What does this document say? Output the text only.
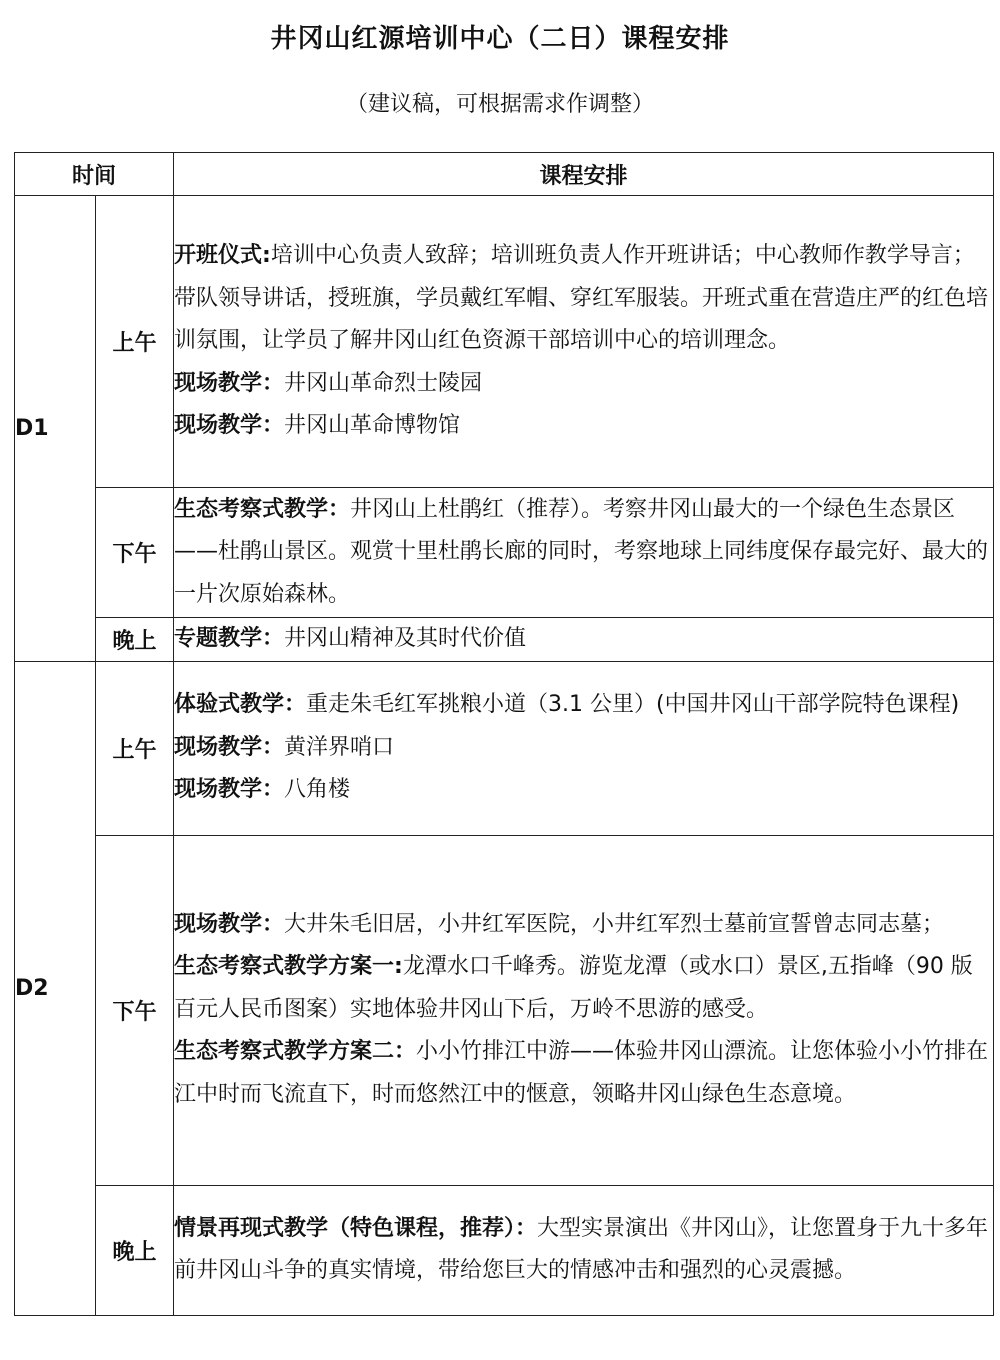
井冈山红源培训中心（二日）课程安排
（建议稿，可根据需求作调整）
时间		课程安排
D1	上午	开班仪式:培训中心负责人致辞；培训班负责人作开班讲话；中心教师作教学导言；带队领导讲话，授班旗，学员戴红军帽、穿红军服装。开班式重在营造庄严的红色培训氛围，让学员了解井冈山红色资源干部培训中心的培训理念。

现场教学：井冈山革命烈士陵园

现场教学：井冈山革命博物馆

	下午	生态考察式教学：井冈山上杜鹃红（推荐）。考察井冈山最大的一个绿色生态景区——杜鹃山景区。观赏十里杜鹃长廊的同时，考察地球上同纬度保存最完好、最大的一片次原始森林。

	晚上	专题教学：井冈山精神及其时代价值

D2	上午	体验式教学：重走朱毛红军挑粮小道（3.1 公里）(中国井冈山干部学院特色课程)

现场教学：黄洋界哨口

现场教学：八角楼

	下午	现场教学：大井朱毛旧居，小井红军医院，小井红军烈士墓前宣誓曾志同志墓；

生态考察式教学方案一:龙潭水口千峰秀。游览龙潭（或水口）景区,五指峰（90 版百元人民币图案）实地体验井冈山下后，万岭不思游的感受。

生态考察式教学方案二：小小竹排江中游——体验井冈山漂流。让您体验小小竹排在江中时而飞流直下，时而悠然江中的惬意，领略井冈山绿色生态意境。

	晚上	情景再现式教学（特色课程，推荐）：大型实景演出《井冈山》，让您置身于九十多年前井冈山斗争的真实情境，带给您巨大的情感冲击和强烈的心灵震撼。
